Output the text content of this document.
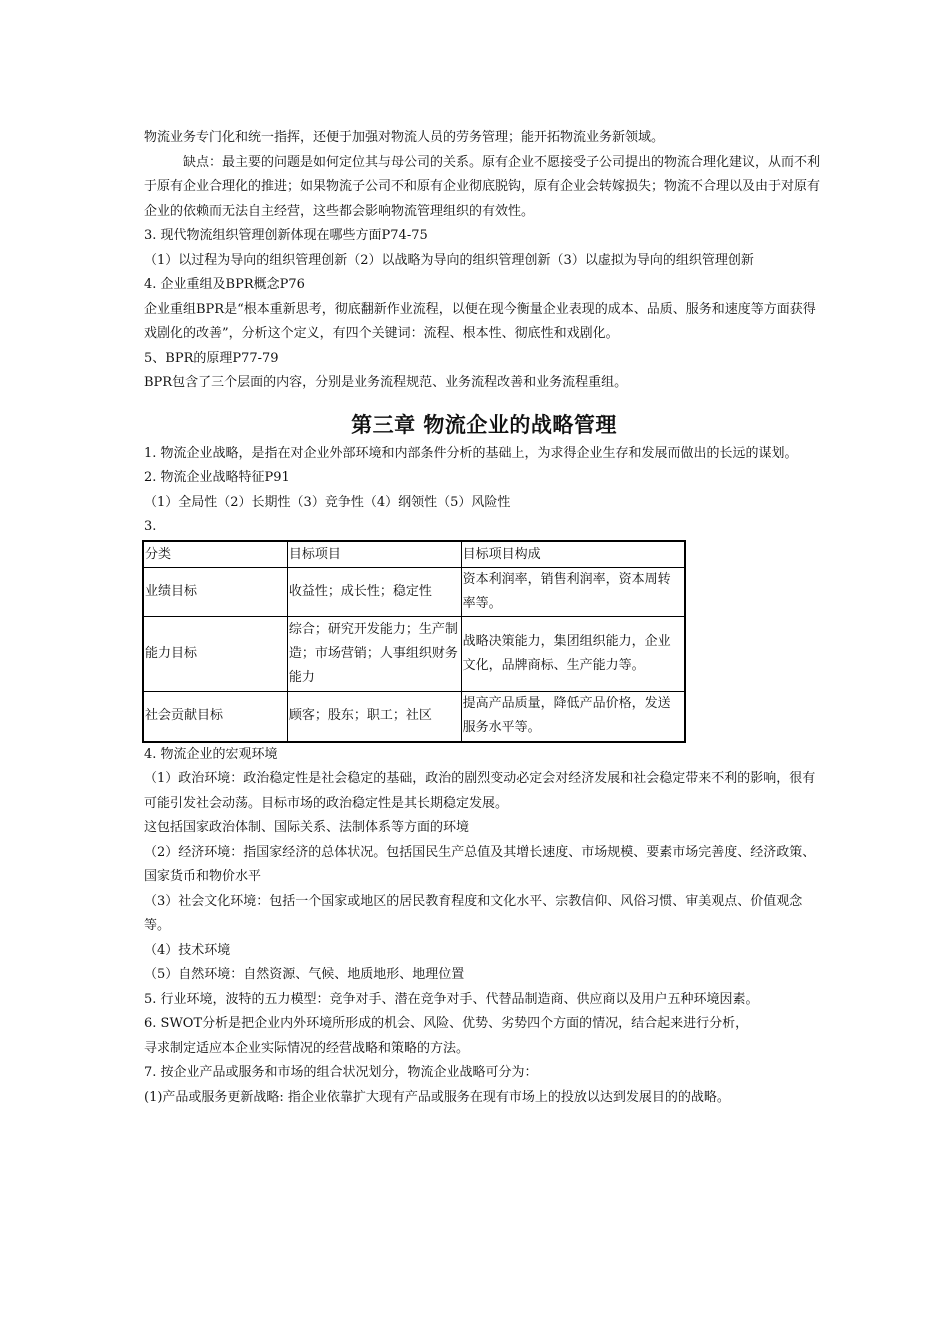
物流业务专门化和统一指挥，还便于加强对物流人员的劳务管理；能开拓物流业务新领域。

缺点：最主要的问题是如何定位其与母公司的关系。原有企业不愿接受子公司提出的物流合理化建议，从而不利于原有企业合理化的推进；如果物流子公司不和原有企业彻底脱钩，原有企业会转嫁损失；物流不合理以及由于对原有企业的依赖而无法自主经营，这些都会影响物流管理组织的有效性。

3. 现代物流组织管理创新体现在哪些方面P74-75

（1）以过程为导向的组织管理创新（2）以战略为导向的组织管理创新（3）以虚拟为导向的组织管理创新

4. 企业重组及BPR概念P76

企业重组BPR是“根本重新思考，彻底翻新作业流程，以便在现今衡量企业表现的成本、品质、服务和速度等方面获得戏剧化的改善”，分析这个定义，有四个关键词：流程、根本性、彻底性和戏剧化。

5、BPR的原理P77-79

BPR包含了三个层面的内容，分别是业务流程规范、业务流程改善和业务流程重组。

第三章 物流企业的战略管理

1. 物流企业战略，是指在对企业外部环境和内部条件分析的基础上，为求得企业生存和发展而做出的长远的谋划。

2. 物流企业战略特征P91

（1）全局性（2）长期性（3）竞争性（4）纲领性（5）风险性

3.

分类	目标项目	目标项目构成
业绩目标	收益性；成长性；稳定性	资本利润率，销售利润率，资本周转率等。
能力目标	综合；研究开发能力；生产制造；市场营销；人事组织财务能力	战略决策能力，集团组织能力，企业文化，品牌商标、生产能力等。
社会贡献目标	顾客；股东；职工；社区	提高产品质量，降低产品价格，发送服务水平等。

4. 物流企业的宏观环境

（1）政治环境：政治稳定性是社会稳定的基础，政治的剧烈变动必定会对经济发展和社会稳定带来不利的影响，很有可能引发社会动荡。目标市场的政治稳定性是其长期稳定发展。

这包括国家政治体制、国际关系、法制体系等方面的环境

（2）经济环境：指国家经济的总体状况。包括国民生产总值及其增长速度、市场规模、要素市场完善度、经济政策、国家货币和物价水平

（3）社会文化环境：包括一个国家或地区的居民教育程度和文化水平、宗教信仰、风俗习惯、审美观点、价值观念等。

（4）技术环境

（5）自然环境：自然资源、气候、地质地形、地理位置

5. 行业环境，波特的五力模型：竞争对手、潜在竞争对手、代替品制造商、供应商以及用户五种环境因素。

6. SWOT分析是把企业内外环境所形成的机会、风险、优势、劣势四个方面的情况，结合起来进行分析，

寻求制定适应本企业实际情况的经营战略和策略的方法。

7. 按企业产品或服务和市场的组合状况划分，物流企业战略可分为：

(1)产品或服务更新战略: 指企业依靠扩大现有产品或服务在现有市场上的投放以达到发展目的的战略。
